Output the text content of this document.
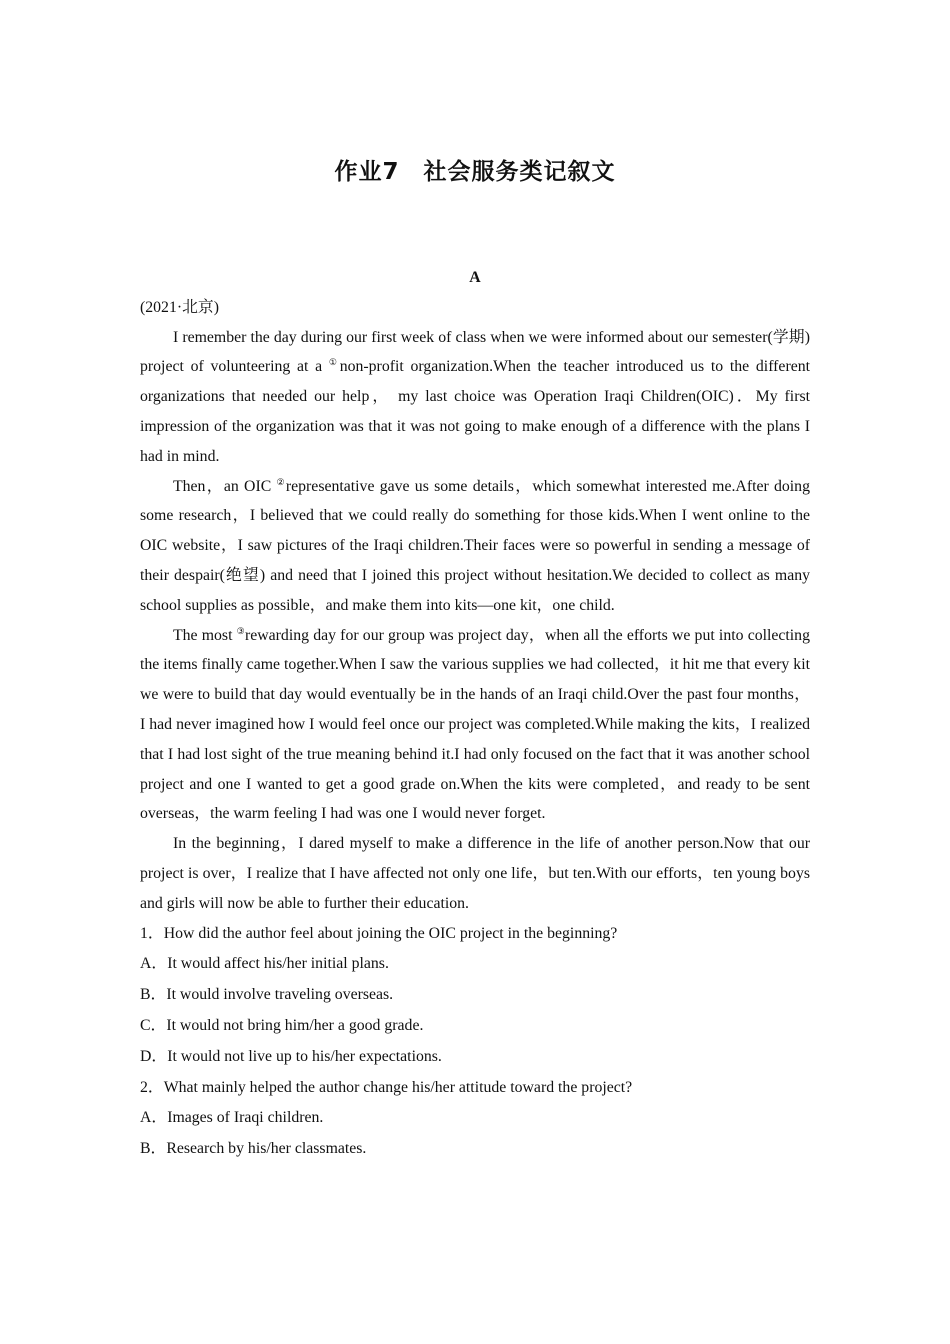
作业7　社会服务类记叙文

A

(2021·北京)

I remember the day during our first week of class when we were informed about our semester(学期) project of volunteering at a ①non-profit organization.When the teacher introduced us to the different organizations that needed our help， my last choice was Operation Iraqi Children(OIC)．My first impression of the organization was that it was not going to make enough of a difference with the plans I had in mind.

Then，an OIC ②representative gave us some details，which somewhat interested me.After doing some research，I believed that we could really do something for those kids.When I went online to the OIC website，I saw pictures of the Iraqi children.Their faces were so powerful in sending a message of their despair(绝望) and need that I joined this project without hesitation.We decided to collect as many school supplies as possible，and make them into kits—one kit，one child.

The most ③rewarding day for our group was project day，when all the efforts we put into collecting the items finally came together.When I saw the various supplies we had collected，it hit me that every kit we were to build that day would eventually be in the hands of an Iraqi child.Over the past four months， I had never imagined how I would feel once our project was completed.While making the kits，I realized that I had lost sight of the true meaning behind it.I had only focused on the fact that it was another school project and one I wanted to get a good grade on.When the kits were completed，and ready to be sent overseas，the warm feeling I had was one I would never forget.

In the beginning，I dared myself to make a difference in the life of another person.Now that our project is over，I realize that I have affected not only one life，but ten.With our efforts，ten young boys and girls will now be able to further their education.

1．How did the author feel about joining the OIC project in the beginning?

A．It would affect his/her initial plans.

B．It would involve traveling overseas.

C．It would not bring him/her a good grade.

D．It would not live up to his/her expectations.

2．What mainly helped the author change his/her attitude toward the project?

A．Images of Iraqi children.

B．Research by his/her classmates.
